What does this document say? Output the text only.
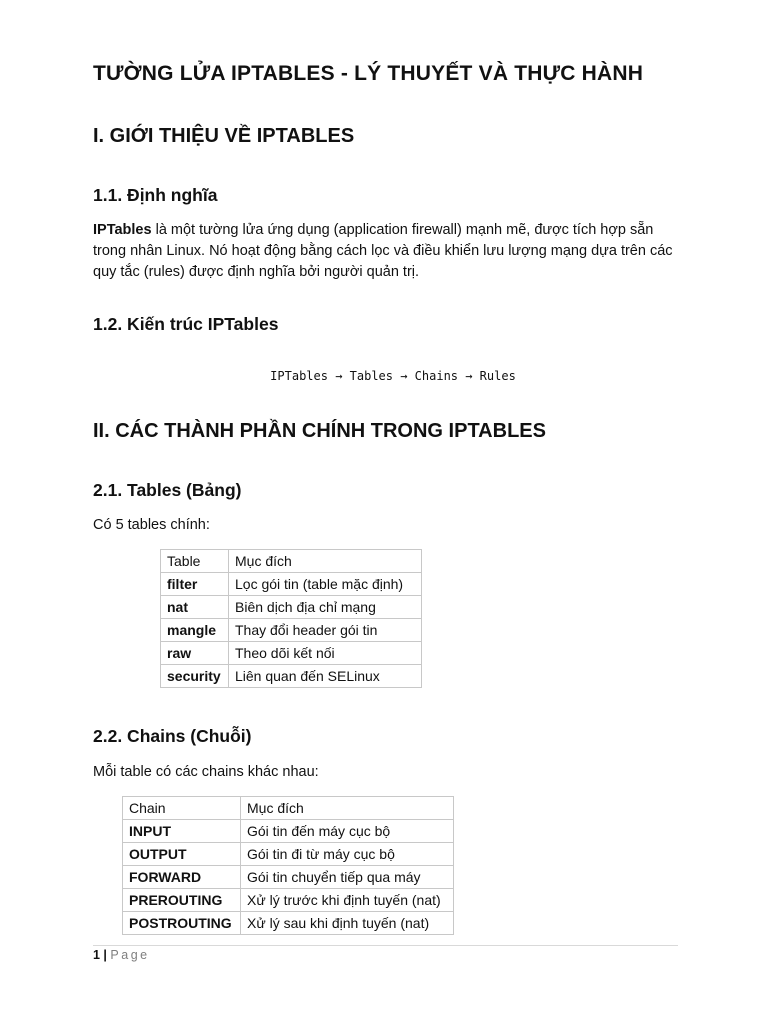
TƯỜNG LỬA IPTABLES - LÝ THUYẾT VÀ THỰC HÀNH
I. GIỚI THIỆU VỀ IPTABLES
1.1. Định nghĩa

IPTables là một tường lửa ứng dụng (application firewall) mạnh mẽ, được tích hợp sẵn trong nhân Linux. Nó hoạt động bằng cách lọc và điều khiển lưu lượng mạng dựa trên các quy tắc (rules) được định nghĩa bởi người quản trị.

1.2. Kiến trúc IPTables
IPTables → Tables → Chains → Rules
II. CÁC THÀNH PHẦN CHÍNH TRONG IPTABLES
2.1. Tables (Bảng)

Có 5 tables chính:

2.2. Chains (Chuỗi)

Mỗi table có các chains khác nhau:

Table	Mục đích
filter	Lọc gói tin (table mặc định)
nat	Biên dịch địa chỉ mạng
mangle	Thay đổi header gói tin
raw	Theo dõi kết nối
security	Liên quan đến SELinux
Chain	Mục đích
INPUT	Gói tin đến máy cục bộ
OUTPUT	Gói tin đi từ máy cục bộ
FORWARD	Gói tin chuyển tiếp qua máy
PREROUTING	Xử lý trước khi định tuyến (nat)
POSTROUTING	Xử lý sau khi định tuyến (nat)
1 | Page
